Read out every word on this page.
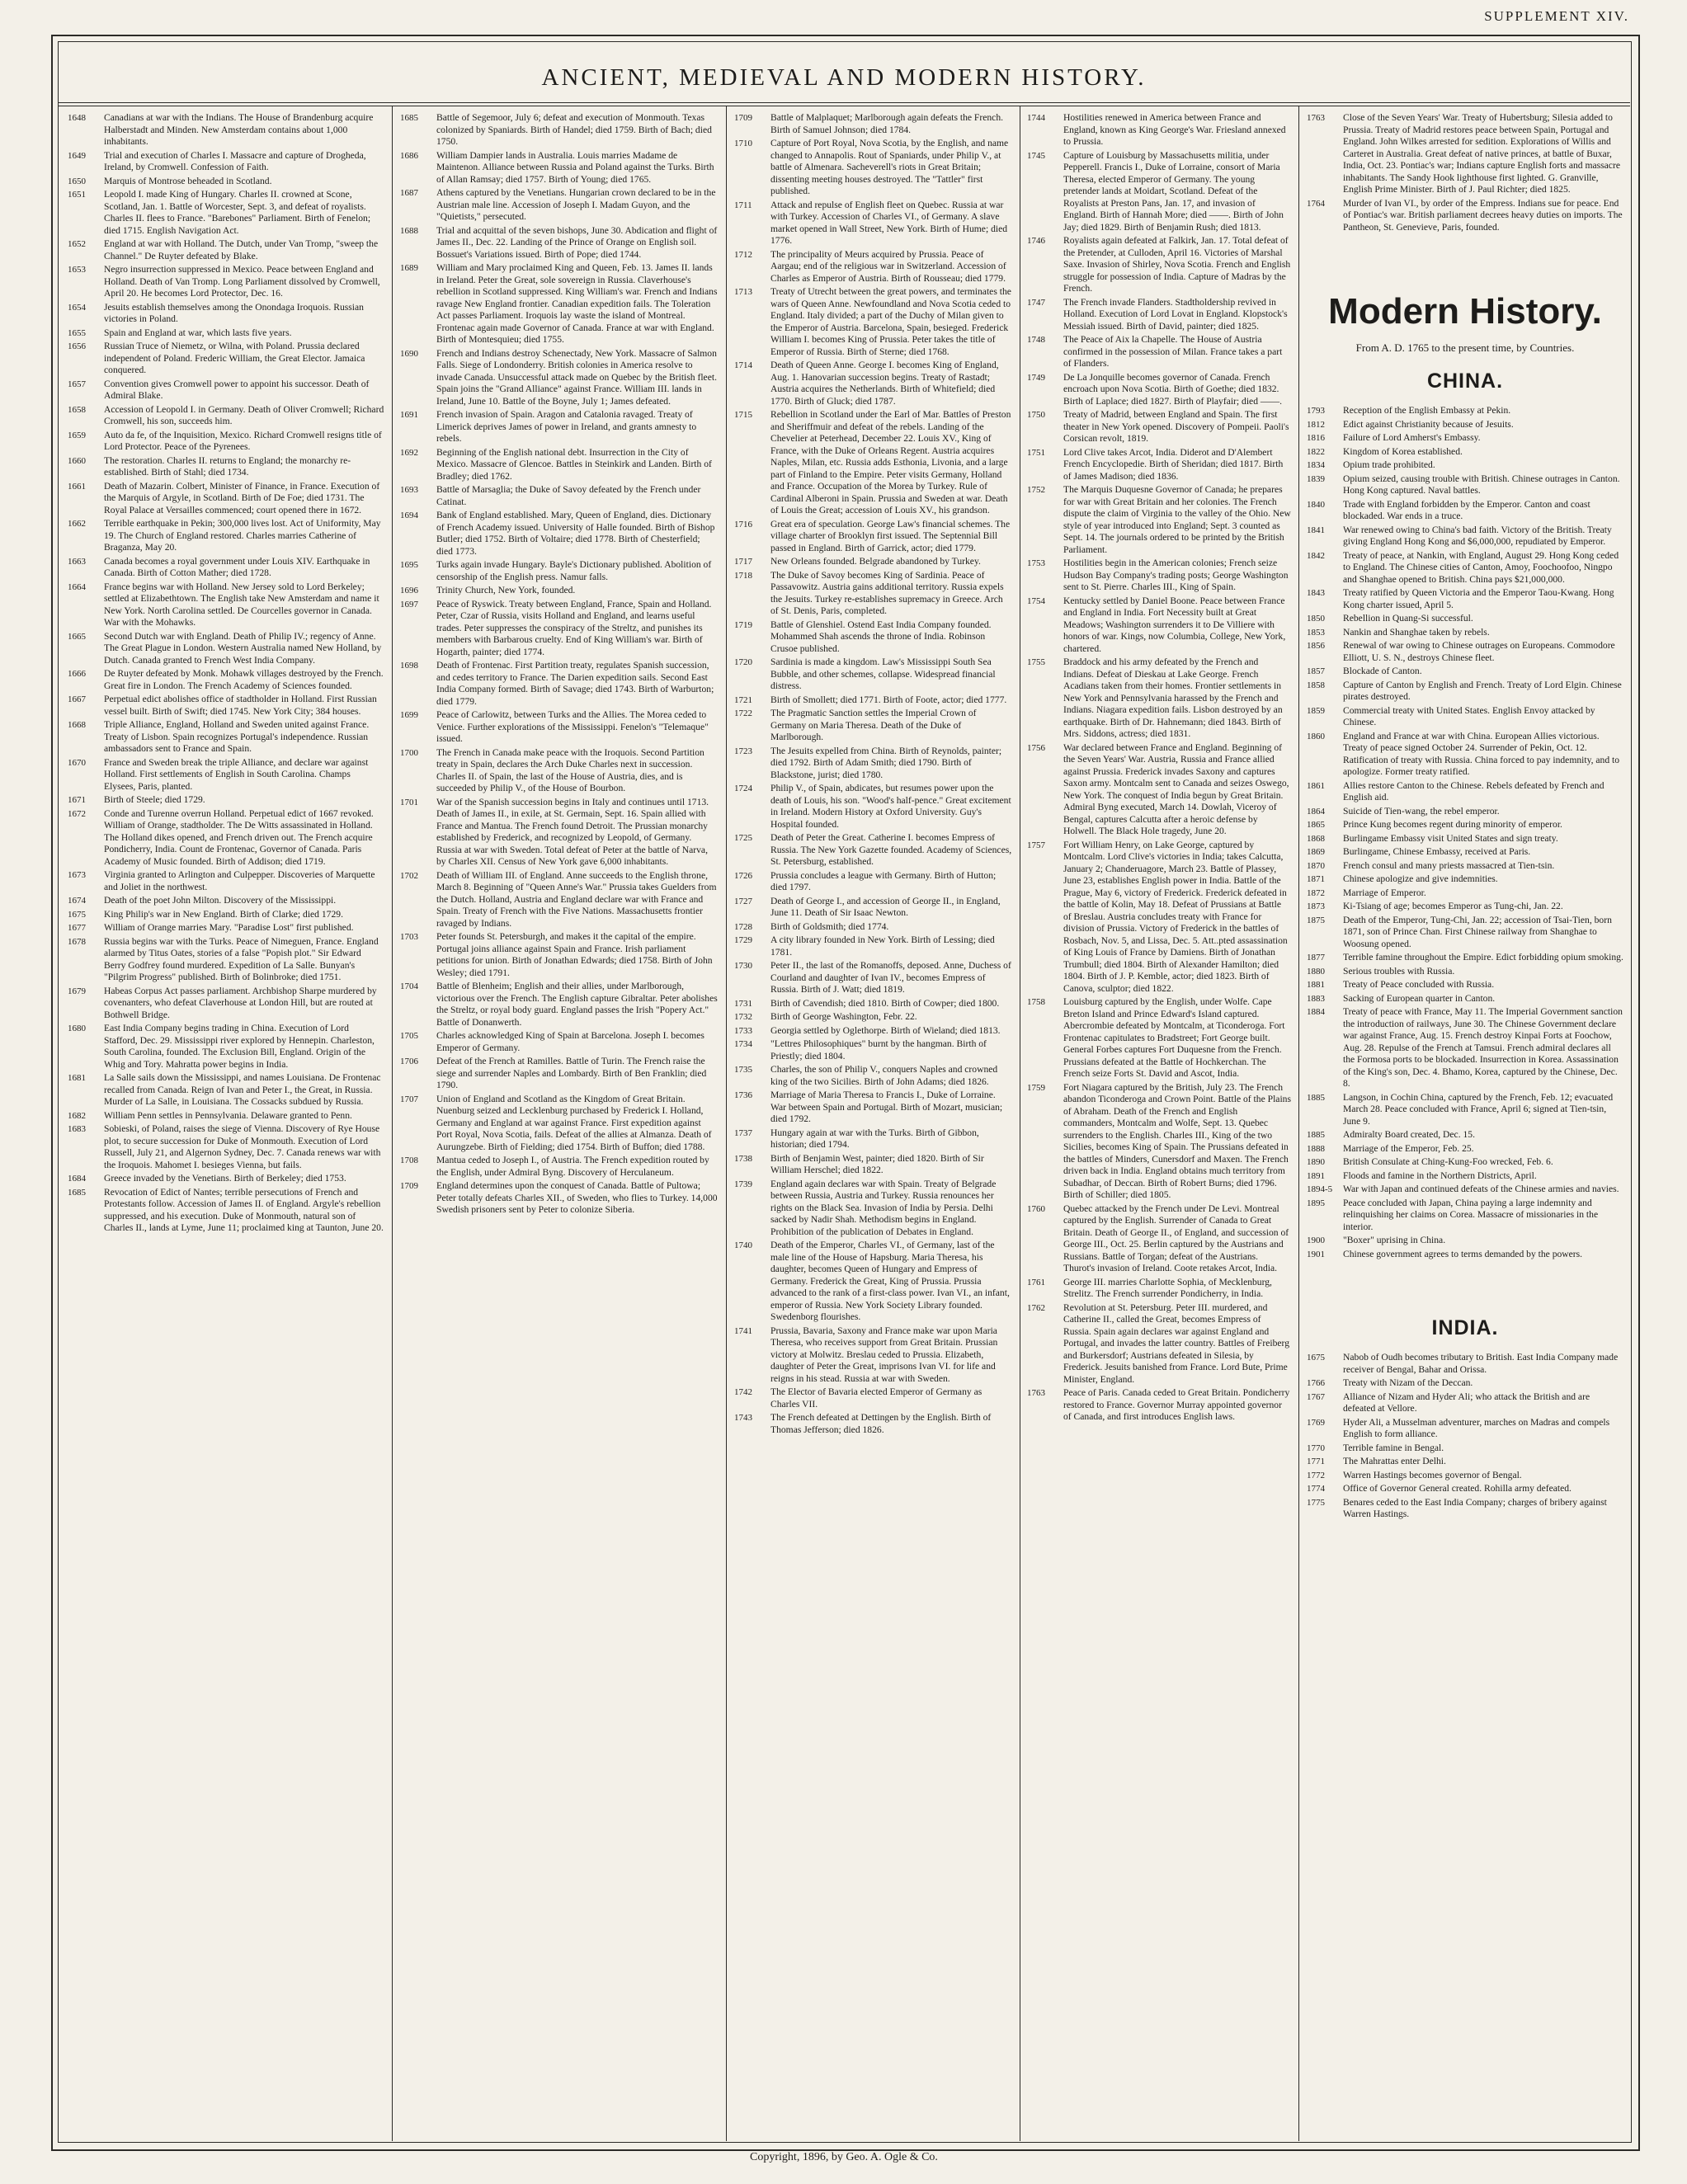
SUPPLEMENT XIV.
ANCIENT, MEDIEVAL AND MODERN HISTORY.
1648	Canadians at war with the Indians. The House of Brandenburg acquire Halberstadt and Minden. New Amsterdam contains about 1,000 inhabitants.
1649	Trial and execution of Charles I. Massacre and capture of Drogheda, Ireland, by Cromwell. Confession of Faith.
1650	Marquis of Montrose beheaded in Scotland.
1651	Leopold I. made King of Hungary. Charles II. crowned at Scone, Scotland, Jan. 1. Battle of Worcester, Sept. 3, and defeat of royalists. Charles II. flees to France. "Barebones" Parliament. Birth of Fenelon; died 1715. English Navigation Act.
1652	England at war with Holland. The Dutch, under Van Tromp, "sweep the Channel." De Ruyter defeated by Blake.
1653	Negro insurrection suppressed in Mexico. Peace between England and Holland. Death of Van Tromp. Long Parliament dissolved by Cromwell, April 20. He becomes Lord Protector, Dec. 16.
1654	Jesuits establish themselves among the Onondaga Iroquois. Russian victories in Poland.
1655	Spain and England at war, which lasts five years.
1656	Russian Truce of Niemetz, or Wilna, with Poland. Prussia declared independent of Poland. Frederic William, the Great Elector. Jamaica conquered.
1657	Convention gives Cromwell power to appoint his successor. Death of Admiral Blake.
1658	Accession of Leopold I. in Germany. Death of Oliver Cromwell; Richard Cromwell, his son, succeeds him.
1659	Auto da fe, of the Inquisition, Mexico. Richard Cromwell resigns title of Lord Protector. Peace of the Pyrenees.
1660	The restoration. Charles II. returns to England; the monarchy re-established. Birth of Stahl; died 1734.
1661	Death of Mazarin. Colbert, Minister of Finance, in France. Execution of the Marquis of Argyle, in Scotland. Birth of De Foe; died 1731. The Royal Palace at Versailles commenced; court opened there in 1672.
1662	Terrible earthquake in Pekin; 300,000 lives lost. Act of Uniformity, May 19. The Church of England restored. Charles marries Catherine of Braganza, May 20.
1663	Canada becomes a royal government under Louis XIV. Earthquake in Canada. Birth of Cotton Mather; died 1728.
1664	France begins war with Holland. New Jersey sold to Lord Berkeley; settled at Elizabethtown. The English take New Amsterdam and name it New York. North Carolina settled. De Courcelles governor in Canada. War with the Mohawks.
1665	Second Dutch war with England. Death of Philip IV.; regency of Anne. The Great Plague in London. Western Australia named New Holland, by Dutch. Canada granted to French West India Company.
1666	De Ruyter defeated by Monk. Mohawk villages destroyed by the French. Great fire in London. The French Academy of Sciences founded.
1667	Perpetual edict abolishes office of stadtholder in Holland. First Russian vessel built. Birth of Swift; died 1745. New York City; 384 houses.
1668	Triple Alliance, England, Holland and Sweden united against France. Treaty of Lisbon. Spain recognizes Portugal's independence. Russian ambassadors sent to France and Spain.
1670	France and Sweden break the triple Alliance, and declare war against Holland. First settlements of English in South Carolina. Champs Elysees, Paris, planted.
1671	Birth of Steele; died 1729.
1672	Conde and Turenne overrun Holland. Perpetual edict of 1667 revoked. William of Orange, stadtholder. The De Witts assassinated in Holland. The Holland dikes opened, and French driven out. The French acquire Pondicherry, India. Count de Frontenac, Governor of Canada. Paris Academy of Music founded. Birth of Addison; died 1719.
1673	Virginia granted to Arlington and Culpepper. Discoveries of Marquette and Joliet in the northwest.
1674	Death of the poet John Milton. Discovery of the Mississippi.
1675	King Philip's war in New England. Birth of Clarke; died 1729.
1677	William of Orange marries Mary. "Paradise Lost" first published.
1678	Russia begins war with the Turks. Peace of Nimeguen, France. England alarmed by Titus Oates, stories of a false "Popish plot." Sir Edward Berry Godfrey found murdered. Expedition of La Salle. Bunyan's "Pilgrim Progress" published. Birth of Bolinbroke; died 1751.
1679	Habeas Corpus Act passes parliament. Archbishop Sharpe murdered by covenanters, who defeat Claverhouse at London Hill, but are routed at Bothwell Bridge.
1680	East India Company begins trading in China. Execution of Lord Stafford, Dec. 29. Mississippi river explored by Hennepin. Charleston, South Carolina, founded. The Exclusion Bill, England. Origin of the Whig and Tory. Mahratta power begins in India.
1681	La Salle sails down the Mississippi, and names Louisiana. De Frontenac recalled from Canada. Reign of Ivan and Peter I., the Great, in Russia. Murder of La Salle, in Louisiana. The Cossacks subdued by Russia.
1682	William Penn settles in Pennsylvania. Delaware granted to Penn.
1683	Sobieski, of Poland, raises the siege of Vienna. Discovery of Rye House plot, to secure succession for Duke of Monmouth. Execution of Lord Russell, July 21, and Algernon Sydney, Dec. 7. Canada renews war with the Iroquois. Mahomet I. besieges Vienna, but fails.
1684	Greece invaded by the Venetians. Birth of Berkeley; died 1753.
1685	Revocation of Edict of Nantes; terrible persecutions of French and Protestants follow. Accession of James II. of England. Argyle's rebellion suppressed, and his execution. Duke of Monmouth, natural son of Charles II., lands at Lyme, June 11; proclaimed king at Taunton, June 20.
1685	Battle of Segemoor, July 6; defeat and execution of Monmouth. Texas colonized by Spaniards. Birth of Handel; died 1759. Birth of Bach; died 1750.
1686	William Dampier lands in Australia. Louis marries Madame de Maintenon. Alliance between Russia and Poland against the Turks. Birth of Allan Ramsay; died 1757. Birth of Young; died 1765.
1687	Athens captured by the Venetians. Hungarian crown declared to be in the Austrian male line. Accession of Joseph I. Madam Guyon, and the "Quietists," persecuted.
1688	Trial and acquittal of the seven bishops, June 30. Abdication and flight of James II., Dec. 22. Landing of the Prince of Orange on English soil. Bossuet's Variations issued. Birth of Pope; died 1744.
1689	William and Mary proclaimed King and Queen, Feb. 13. James II. lands in Ireland. Peter the Great, sole sovereign in Russia. Claverhouse's rebellion in Scotland suppressed. King William's war. French and Indians ravage New England frontier. Canadian expedition fails. The Toleration Act passes Parliament. Iroquois lay waste the island of Montreal. Frontenac again made Governor of Canada. France at war with England. Birth of Montesquieu; died 1755.
1690	French and Indians destroy Schenectady, New York. Massacre of Salmon Falls. Siege of Londonderry. British colonies in America resolve to invade Canada. Unsuccessful attack made on Quebec by the British fleet. Spain joins the "Grand Alliance" against France. William III. lands in Ireland, June 10. Battle of the Boyne, July 1; James defeated.
1691	French invasion of Spain. Aragon and Catalonia ravaged. Treaty of Limerick deprives James of power in Ireland, and grants amnesty to rebels.
1692	Beginning of the English national debt. Insurrection in the City of Mexico. Massacre of Glencoe. Battles in Steinkirk and Landen. Birth of Bradley; died 1762.
1693	Battle of Marsaglia; the Duke of Savoy defeated by the French under Catinat.
1694	Bank of England established. Mary, Queen of England, dies. Dictionary of French Academy issued. University of Halle founded. Birth of Bishop Butler; died 1752. Birth of Voltaire; died 1778. Birth of Chesterfield; died 1773.
1695	Turks again invade Hungary. Bayle's Dictionary published. Abolition of censorship of the English press. Namur falls.
1696	Trinity Church, New York, founded.
1697	Peace of Ryswick. Treaty between England, France, Spain and Holland. Peter, Czar of Russia, visits Holland and England, and learns useful trades. Peter suppresses the conspiracy of the Streltz, and punishes its members with Barbarous cruelty. End of King William's war. Birth of Hogarth, painter; died 1774.
1698	Death of Frontenac. First Partition treaty, regulates Spanish succession, and cedes territory to France. The Darien expedition sails. Second East India Company formed. Birth of Savage; died 1743. Birth of Warburton; died 1779.
1699	Peace of Carlowitz, between Turks and the Allies. The Morea ceded to Venice. Further explorations of the Mississippi. Fenelon's "Telemaque" issued.
1700	The French in Canada make peace with the Iroquois. Second Partition treaty in Spain, declares the Arch Duke Charles next in succession. Charles II. of Spain, the last of the House of Austria, dies, and is succeeded by Philip V., of the House of Bourbon.
1701	War of the Spanish succession begins in Italy and continues until 1713. Death of James II., in exile, at St. Germain, Sept. 16. Spain allied with France and Mantua. The French found Detroit. The Prussian monarchy established by Frederick, and recognized by Leopold, of Germany. Russia at war with Sweden. Total defeat of Peter at the battle of Narva, by Charles XII. Census of New York gave 6,000 inhabitants.
1702	Death of William III. of England. Anne succeeds to the English throne, March 8. Beginning of "Queen Anne's War." Prussia takes Guelders from the Dutch. Holland, Austria and England declare war with France and Spain. Treaty of French with the Five Nations. Massachusetts frontier ravaged by Indians.
1703	Peter founds St. Petersburgh, and makes it the capital of the empire. Portugal joins alliance against Spain and France. Irish parliament petitions for union. Birth of Jonathan Edwards; died 1758. Birth of John Wesley; died 1791.
1704	Battle of Blenheim; English and their allies, under Marlborough, victorious over the French. The English capture Gibraltar. Peter abolishes the Streltz, or royal body guard. England passes the Irish "Popery Act." Battle of Donanwerth.
1705	Charles acknowledged King of Spain at Barcelona. Joseph I. becomes Emperor of Germany.
1706	Defeat of the French at Ramilles. Battle of Turin. The French raise the siege and surrender Naples and Lombardy. Birth of Ben Franklin; died 1790.
1707	Union of England and Scotland as the Kingdom of Great Britain. Nuenburg seized and Lecklenburg purchased by Frederick I. Holland, Germany and England at war against France. First expedition against Port Royal, Nova Scotia, fails. Defeat of the allies at Almanza. Death of Aurungzebe. Birth of Fielding; died 1754. Birth of Buffon; died 1788.
1708	Mantua ceded to Joseph I., of Austria. The French expedition routed by the English, under Admiral Byng. Discovery of Herculaneum.
1709	England determines upon the conquest of Canada. Battle of Pultowa; Peter totally defeats Charles XII., of Sweden, who flies to Turkey. 14,000 Swedish prisoners sent by Peter to colonize Siberia.
1709	Battle of Malplaquet; Marlborough again defeats the French. Birth of Samuel Johnson; died 1784.
1710	Capture of Port Royal, Nova Scotia, by the English, and name changed to Annapolis. Rout of Spaniards, under Philip V., at battle of Almenara. Sacheverell's riots in Great Britain; dissenting meeting houses destroyed. The "Tattler" first published.
1711	Attack and repulse of English fleet on Quebec. Russia at war with Turkey. Accession of Charles VI., of Germany. A slave market opened in Wall Street, New York. Birth of Hume; died 1776.
1712	The principality of Meurs acquired by Prussia. Peace of Aargau; end of the religious war in Switzerland. Accession of Charles as Emperor of Austria. Birth of Rousseau; died 1779.
1713	Treaty of Utrecht between the great powers, and terminates the wars of Queen Anne. Newfoundland and Nova Scotia ceded to England. Italy divided; a part of the Duchy of Milan given to the Emperor of Austria. Barcelona, Spain, besieged. Frederick William I. becomes King of Prussia. Peter takes the title of Emperor of Russia. Birth of Sterne; died 1768.
1714	Death of Queen Anne. George I. becomes King of England, Aug. 1. Hanovarian succession begins. Treaty of Rastadt; Austria acquires the Netherlands. Birth of Whitefield; died 1770. Birth of Gluck; died 1787.
1715	Rebellion in Scotland under the Earl of Mar. Battles of Preston and Sheriffmuir and defeat of the rebels. Landing of the Chevelier at Peterhead, December 22. Louis XV., King of France, with the Duke of Orleans Regent. Austria acquires Naples, Milan, etc. Russia adds Esthonia, Livonia, and a large part of Finland to the Empire. Peter visits Germany, Holland and France. Occupation of the Morea by Turkey. Rule of Cardinal Alberoni in Spain. Prussia and Sweden at war. Death of Louis the Great; accession of Louis XV., his grandson.
1716	Great era of speculation. George Law's financial schemes. The village charter of Brooklyn first issued. The Septennial Bill passed in England. Birth of Garrick, actor; died 1779.
1717	New Orleans founded. Belgrade abandoned by Turkey.
1718	The Duke of Savoy becomes King of Sardinia. Peace of Passavowitz. Austria gains additional territory. Russia expels the Jesuits. Turkey re-establishes supremacy in Greece. Arch of St. Denis, Paris, completed.
1719	Battle of Glenshiel. Ostend East India Company founded. Mohammed Shah ascends the throne of India. Robinson Crusoe published.
1720	Sardinia is made a kingdom. Law's Mississippi South Sea Bubble, and other schemes, collapse. Widespread financial distress.
1721	Birth of Smollett; died 1771. Birth of Foote, actor; died 1777.
1722	The Pragmatic Sanction settles the Imperial Crown of Germany on Maria Theresa. Death of the Duke of Marlborough.
1723	The Jesuits expelled from China. Birth of Reynolds, painter; died 1792. Birth of Adam Smith; died 1790. Birth of Blackstone, jurist; died 1780.
1724	Philip V., of Spain, abdicates, but resumes power upon the death of Louis, his son. "Wood's half-pence." Great excitement in Ireland. Modern History at Oxford University. Guy's Hospital founded.
1725	Death of Peter the Great. Catherine I. becomes Empress of Russia. The New York Gazette founded. Academy of Sciences, St. Petersburg, established.
1726	Prussia concludes a league with Germany. Birth of Hutton; died 1797.
1727	Death of George I., and accession of George II., in England, June 11. Death of Sir Isaac Newton.
1728	Birth of Goldsmith; died 1774.
1729	A city library founded in New York. Birth of Lessing; died 1781.
1730	Peter II., the last of the Romanoffs, deposed. Anne, Duchess of Courland and daughter of Ivan IV., becomes Empress of Russia. Birth of J. Watt; died 1819.
1731	Birth of Cavendish; died 1810. Birth of Cowper; died 1800.
1732	Birth of George Washington, Febr. 22.
1733	Georgia settled by Oglethorpe. Birth of Wieland; died 1813.
1734	"Lettres Philosophiques" burnt by the hangman. Birth of Priestly; died 1804.
1735	Charles, the son of Philip V., conquers Naples and crowned king of the two Sicilies. Birth of John Adams; died 1826.
1736	Marriage of Maria Theresa to Francis I., Duke of Lorraine. War between Spain and Portugal. Birth of Mozart, musician; died 1792.
1737	Hungary again at war with the Turks. Birth of Gibbon, historian; died 1794.
1738	Birth of Benjamin West, painter; died 1820. Birth of Sir William Herschel; died 1822.
1739	England again declares war with Spain. Treaty of Belgrade between Russia, Austria and Turkey. Russia renounces her rights on the Black Sea. Invasion of India by Persia. Delhi sacked by Nadir Shah. Methodism begins in England. Prohibition of the publication of Debates in England.
1740	Death of the Emperor, Charles VI., of Germany, last of the male line of the House of Hapsburg. Maria Theresa, his daughter, becomes Queen of Hungary and Empress of Germany. Frederick the Great, King of Prussia. Prussia advanced to the rank of a first-class power. Ivan VI., an infant, emperor of Russia. New York Society Library founded. Swedenborg flourishes.
1741	Prussia, Bavaria, Saxony and France make war upon Maria Theresa, who receives support from Great Britain. Prussian victory at Molwitz. Breslau ceded to Prussia. Elizabeth, daughter of Peter the Great, imprisons Ivan VI. for life and reigns in his stead. Russia at war with Sweden.
1742	The Elector of Bavaria elected Emperor of Germany as Charles VII.
1743	The French defeated at Dettingen by the English. Birth of Thomas Jefferson; died 1826.
1744	Hostilities renewed in America between France and England, known as King George's War. Friesland annexed to Prussia.
1745	Capture of Louisburg by Massachusetts militia, under Pepperell. Francis I., Duke of Lorraine, consort of Maria Theresa, elected Emperor of Germany. The young pretender lands at Moidart, Scotland. Defeat of the Royalists at Preston Pans, Jan. 17, and invasion of England. Birth of Hannah More; died ——. Birth of John Jay; died 1829. Birth of Benjamin Rush; died 1813.
1746	Royalists again defeated at Falkirk, Jan. 17. Total defeat of the Pretender, at Culloden, April 16. Victories of Marshal Saxe. Invasion of Shirley, Nova Scotia. French and English struggle for possession of India. Capture of Madras by the French.
1747	The French invade Flanders. Stadtholdership revived in Holland. Execution of Lord Lovat in England. Klopstock's Messiah issued. Birth of David, painter; died 1825.
1748	The Peace of Aix la Chapelle. The House of Austria confirmed in the possession of Milan. France takes a part of Flanders.
1749	De La Jonquille becomes governor of Canada. French encroach upon Nova Scotia. Birth of Goethe; died 1832. Birth of Laplace; died 1827. Birth of Playfair; died ——.
1750	Treaty of Madrid, between England and Spain. The first theater in New York opened. Discovery of Pompeii. Paoli's Corsican revolt, 1819.
1751	Lord Clive takes Arcot, India. Diderot and D'Alembert French Encyclopedie. Birth of Sheridan; died 1817. Birth of James Madison; died 1836.
1752	The Marquis Duquesne Governor of Canada; he prepares for war with Great Britain and her colonies. The French dispute the claim of Virginia to the valley of the Ohio. New style of year introduced into England; Sept. 3 counted as Sept. 14. The journals ordered to be printed by the British Parliament.
1753	Hostilities begin in the American colonies; French seize Hudson Bay Company's trading posts; George Washington sent to St. Pierre. Charles III., King of Spain.
1754	Kentucky settled by Daniel Boone. Peace between France and England in India. Fort Necessity built at Great Meadows; Washington surrenders it to De Villiere with honors of war. Kings, now Columbia, College, New York, chartered.
1755	Braddock and his army defeated by the French and Indians. Defeat of Dieskau at Lake George. French Acadians taken from their homes. Frontier settlements in New York and Pennsylvania harassed by the French and Indians. Niagara expedition fails. Lisbon destroyed by an earthquake. Birth of Dr. Hahnemann; died 1843. Birth of Mrs. Siddons, actress; died 1831.
1756	War declared between France and England. Beginning of the Seven Years' War. Austria, Russia and France allied against Prussia. Frederick invades Saxony and captures Saxon army. Montcalm sent to Canada and seizes Oswego, New York. The conquest of India begun by Great Britain. Admiral Byng executed, March 14. Dowlah, Viceroy of Bengal, captures Calcutta after a heroic defense by Holwell. The Black Hole tragedy, June 20.
1757	Fort William Henry, on Lake George, captured by Montcalm. Lord Clive's victories in India; takes Calcutta, January 2; Chanderuagore, March 23. Battle of Plassey, June 23, establishes English power in India. Battle of the Prague, May 6, victory of Frederick. Frederick defeated in the battle of Kolin, May 18. Defeat of Prussians at Battle of Breslau. Austria concludes treaty with France for division of Prussia. Victory of Frederick in the battles of Rosbach, Nov. 5, and Lissa, Dec. 5. Att..pted assassination of King Louis of France by Damiens. Birth of Jonathan Trumbull; died 1804. Birth of Alexander Hamilton; died 1804. Birth of J. P. Kemble, actor; died 1823. Birth of Canova, sculptor; died 1822.
1758	Louisburg captured by the English, under Wolfe. Cape Breton Island and Prince Edward's Island captured. Abercrombie defeated by Montcalm, at Ticonderoga. Fort Frontenac capitulates to Bradstreet; Fort George built. General Forbes captures Fort Duquesne from the French. Prussians defeated at the Battle of Hochkerchan. The French seize Forts St. David and Ascot, India.
1759	Fort Niagara captured by the British, July 23. The French abandon Ticonderoga and Crown Point. Battle of the Plains of Abraham. Death of the French and English commanders, Montcalm and Wolfe, Sept. 13. Quebec surrenders to the English. Charles III., King of the two Sicilies, becomes King of Spain. The Prussians defeated in the battles of Minders, Cunersdorf and Maxen. The French driven back in India. England obtains much territory from Subadhar, of Deccan. Birth of Robert Burns; died 1796. Birth of Schiller; died 1805.
1760	Quebec attacked by the French under De Levi. Montreal captured by the English. Surrender of Canada to Great Britain. Death of George II., of England, and succession of George III., Oct. 25. Berlin captured by the Austrians and Russians. Battle of Torgan; defeat of the Austrians. Thurot's invasion of Ireland. Coote retakes Arcot, India.
1761	George III. marries Charlotte Sophia, of Mecklenburg, Strelitz. The French surrender Pondicherry, in India.
1762	Revolution at St. Petersburg. Peter III. murdered, and Catherine II., called the Great, becomes Empress of Russia. Spain again declares war against England and Portugal, and invades the latter country. Battles of Freiberg and Burkersdorf; Austrians defeated in Silesia, by Frederick. Jesuits banished from France. Lord Bute, Prime Minister, England.
1763	Peace of Paris. Canada ceded to Great Britain. Pondicherry restored to France. Governor Murray appointed governor of Canada, and first introduces English laws.
1763	Close of the Seven Years' War. Treaty of Hubertsburg; Silesia added to Prussia. Treaty of Madrid restores peace between Spain, Portugal and England. John Wilkes arrested for sedition. Explorations of Willis and Carteret in Australia. Great defeat of native princes, at battle of Buxar, India, Oct. 23. Pontiac's war; Indians capture English forts and massacre inhabitants. The Sandy Hook lighthouse first lighted. G. Granville, English Prime Minister. Birth of J. Paul Richter; died 1825.
1764	Murder of Ivan VI., by order of the Empress. Indians sue for peace. End of Pontiac's war. British parliament decrees heavy duties on imports. The Pantheon, St. Genevieve, Paris, founded.
Modern History.
From A. D. 1765 to the present time, by Countries.
CHINA.
1793	Reception of the English Embassy at Pekin.
1812	Edict against Christianity because of Jesuits.
1816	Failure of Lord Amherst's Embassy.
1822	Kingdom of Korea established.
1834	Opium trade prohibited.
1839	Opium seized, causing trouble with British. Chinese outrages in Canton. Hong Kong captured. Naval battles.
1840	Trade with England forbidden by the Emperor. Canton and coast blockaded. War ends in a truce.
1841	War renewed owing to China's bad faith. Victory of the British. Treaty giving England Hong Kong and $6,000,000, repudiated by Emperor.
1842	Treaty of peace, at Nankin, with England, August 29. Hong Kong ceded to England. The Chinese cities of Canton, Amoy, Foochoofoo, Ningpo and Shanghae opened to British. China pays $21,000,000.
1843	Treaty ratified by Queen Victoria and the Emperor Taou-Kwang. Hong Kong charter issued, April 5.
1850	Rebellion in Quang-Si successful.
1853	Nankin and Shanghae taken by rebels.
1856	Renewal of war owing to Chinese outrages on Europeans. Commodore Elliott, U. S. N., destroys Chinese fleet.
1857	Blockade of Canton.
1858	Capture of Canton by English and French. Treaty of Lord Elgin. Chinese pirates destroyed.
1859	Commercial treaty with United States. English Envoy attacked by Chinese.
1860	England and France at war with China. European Allies victorious. Treaty of peace signed October 24. Surrender of Pekin, Oct. 12. Ratification of treaty with Russia. China forced to pay indemnity, and to apologize. Former treaty ratified.
1861	Allies restore Canton to the Chinese. Rebels defeated by French and English aid.
1864	Suicide of Tien-wang, the rebel emperor.
1865	Prince Kung becomes regent during minority of emperor.
1868	Burlingame Embassy visit United States and sign treaty.
1869	Burlingame, Chinese Embassy, received at Paris.
1870	French consul and many priests massacred at Tien-tsin.
1871	Chinese apologize and give indemnities.
1872	Marriage of Emperor.
1873	Ki-Tsiang of age; becomes Emperor as Tung-chi, Jan. 22.
1875	Death of the Emperor, Tung-Chi, Jan. 22; accession of Tsai-Tien, born 1871, son of Prince Chan. First Chinese railway from Shanghae to Woosung opened.
1877	Terrible famine throughout the Empire. Edict forbidding opium smoking.
1880	Serious troubles with Russia.
1881	Treaty of Peace concluded with Russia.
1883	Sacking of European quarter in Canton.
1884	Treaty of peace with France, May 11. The Imperial Government sanction the introduction of railways, June 30. The Chinese Government declare war against France, Aug. 15. French destroy Kinpai Forts at Foochow, Aug. 28. Repulse of the French at Tamsui. French admiral declares all the Formosa ports to be blockaded. Insurrection in Korea. Assassination of the King's son, Dec. 4. Bhamo, Korea, captured by the Chinese, Dec. 8.
1885	Langson, in Cochin China, captured by the French, Feb. 12; evacuated March 28. Peace concluded with France, April 6; signed at Tien-tsin, June 9.
1885	Admiralty Board created, Dec. 15.
1888	Marriage of the Emperor, Feb. 25.
1890	British Consulate at Ching-Kung-Foo wrecked, Feb. 6.
1891	Floods and famine in the Northern Districts, April.
1894-5	War with Japan and continued defeats of the Chinese armies and navies.
1895	Peace concluded with Japan, China paying a large indemnity and relinquishing her claims on Corea. Massacre of missionaries in the interior.
1900	"Boxer" uprising in China.
1901	Chinese government agrees to terms demanded by the powers.
INDIA.
1675	Nabob of Oudh becomes tributary to British. East India Company made receiver of Bengal, Bahar and Orissa.
1766	Treaty with Nizam of the Deccan.
1767	Alliance of Nizam and Hyder Ali; who attack the British and are defeated at Vellore.
1769	Hyder Ali, a Musselman adventurer, marches on Madras and compels English to form alliance.
1770	Terrible famine in Bengal.
1771	The Mahrattas enter Delhi.
1772	Warren Hastings becomes governor of Bengal.
1774	Office of Governor General created. Rohilla army defeated.
1775	Benares ceded to the East India Company; charges of bribery against Warren Hastings.
Copyright, 1896, by Geo. A. Ogle & Co.
